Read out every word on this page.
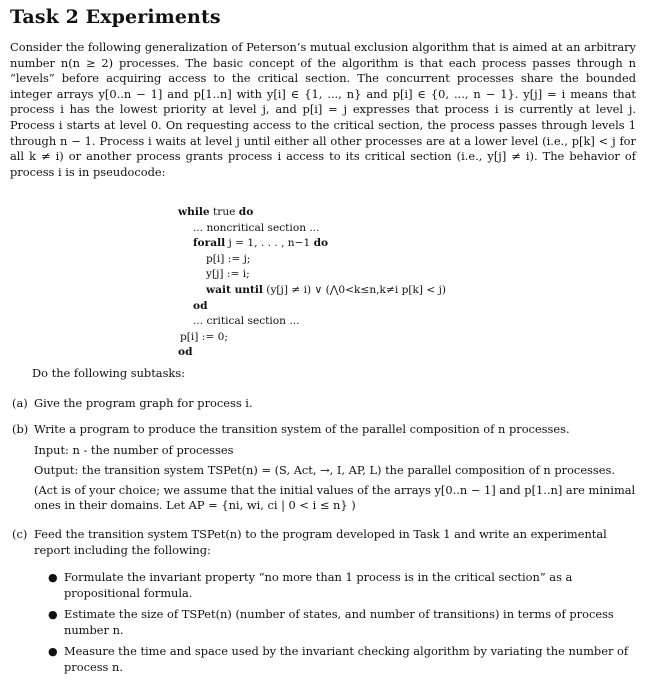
Task 2 Experiments

Consider the following generalization of Peterson’s mutual exclusion algorithm that is aimed at an arbitrary number n(n ≥ 2) processes. The basic concept of the algorithm is that each process passes through n “levels” before acquiring access to the critical section. The concurrent processes share the bounded integer arrays y[0..n − 1] and p[1..n] with y[i] ∈ {1, ..., n} and p[i] ∈ {0, ..., n − 1}. y[j] = i means that process i has the lowest priority at level j, and p[i] = j expresses that process i is currently at level j. Process i starts at level 0. On requesting access to the critical section, the process passes through levels 1 through n − 1. Process i waits at level j until either all other processes are at a lower level (i.e., p[k] < j for all k ≠ i) or another process grants process i access to its critical section (i.e., y[j] ≠ i). The behavior of process i is in pseudocode:

while true do
... noncritical section ...
forall j = 1, . . . , n−1 do
p[i] := j;
y[j] := i;
wait until (y[j] ≠ i) ∨ (⋀0<k≤n,k≠i p[k] < j)
od
... critical section ...
p[i] := 0;
od

Do the following subtasks:

(a) Give the program graph for process i.

(b) Write a program to produce the transition system of the parallel composition of n processes.

Input: n - the number of processes

Output: the transition system TSPet(n) = (S, Act, →, I, AP, L) the parallel composition of n processes.

(Act is of your choice; we assume that the initial values of the arrays y[0..n − 1] and p[1..n] are minimal ones in their domains. Let AP = {ni, wi, ci | 0 < i ≤ n} )

(c) Feed the transition system TSPet(n) to the program developed in Task 1 and write an experimental report including the following:

● Formulate the invariant property “no more than 1 process is in the critical section” as a propositional formula.
● Estimate the size of TSPet(n) (number of states, and number of transitions) in terms of process number n.
● Measure the time and space used by the invariant checking algorithm by variating the number of process n.
